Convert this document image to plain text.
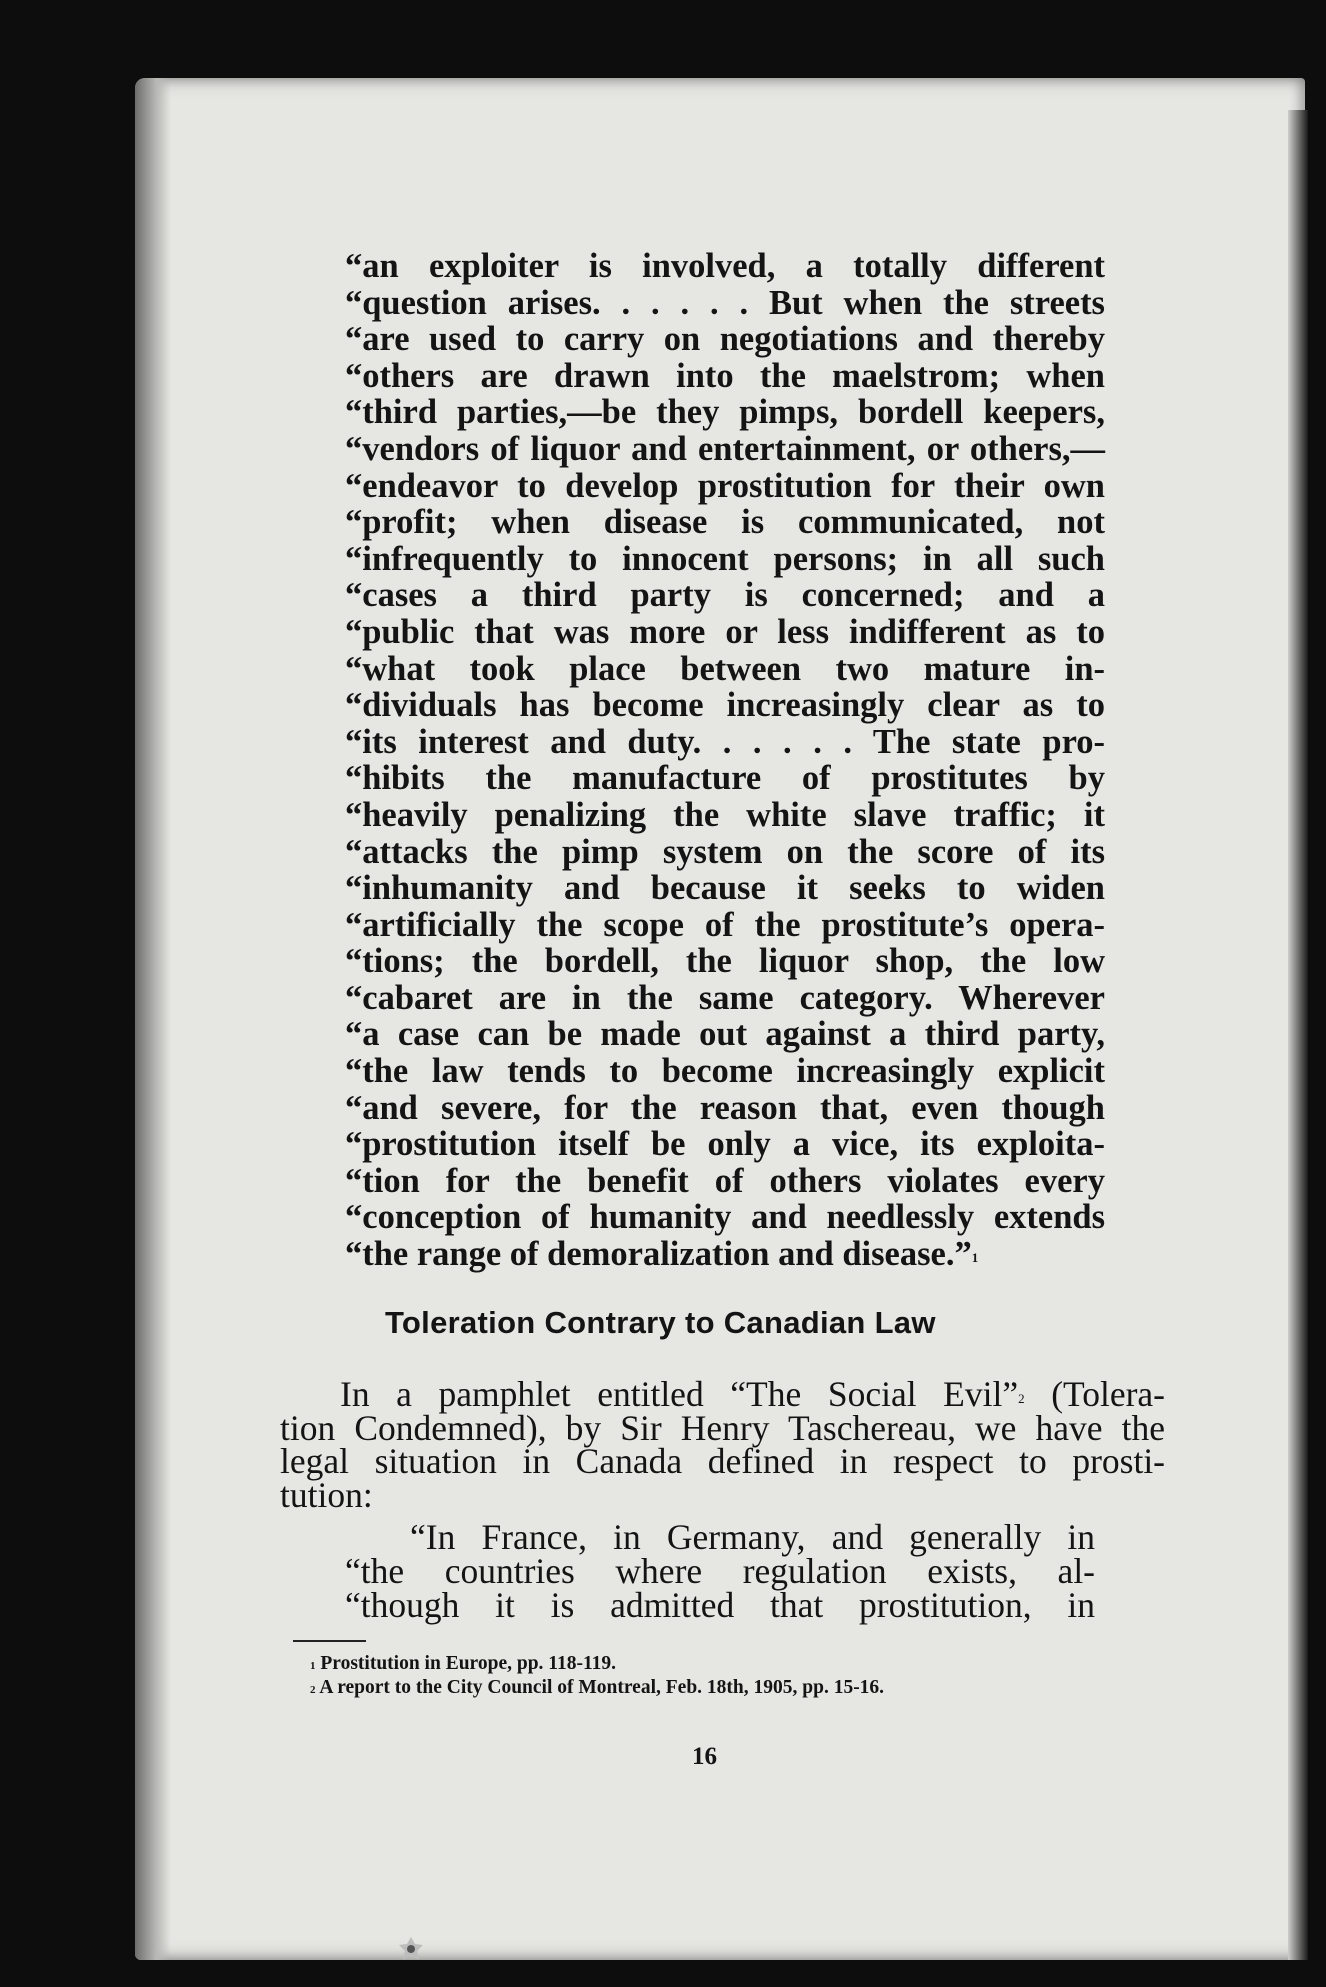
“an exploiter is involved, a totally different
“question arises. . . . . . But when the streets
“are used to carry on negotiations and thereby
“others are drawn into the maelstrom; when
“third parties,—be they pimps, bordell keepers,
“vendors of liquor and entertainment, or others,—
“endeavor to develop prostitution for their own
“profit; when disease is communicated, not
“infrequently to innocent persons; in all such
“cases a third party is concerned; and a
“public that was more or less indifferent as to
“what took place between two mature in-
“dividuals has become increasingly clear as to
“its interest and duty. . . . . . The state pro-
“hibits the manufacture of prostitutes by
“heavily penalizing the white slave traffic; it
“attacks the pimp system on the score of its
“inhumanity and because it seeks to widen
“artificially the scope of the prostitute’s opera-
“tions; the bordell, the liquor shop, the low
“cabaret are in the same category. Wherever
“a case can be made out against a third party,
“the law tends to become increasingly explicit
“and severe, for the reason that, even though
“prostitution itself be only a vice, its exploita-
“tion for the benefit of others violates every
“conception of humanity and needlessly extends
“the range of demoralization and disease.”$^1$
Toleration Contrary to Canadian Law
In a pamphlet entitled “The Social Evil”$^2$ (Tolera-
tion Condemned), by Sir Henry Taschereau, we have the
legal situation in Canada defined in respect to prosti-
tution:
“In France, in Germany, and generally in
“the countries where regulation exists, al-
“though it is admitted that prostitution, in
$^1$ Prostitution in Europe, pp. 118-119.
$^2$ A report to the City Council of Montreal, Feb. 18th, 1905, pp. 15-16.
16
